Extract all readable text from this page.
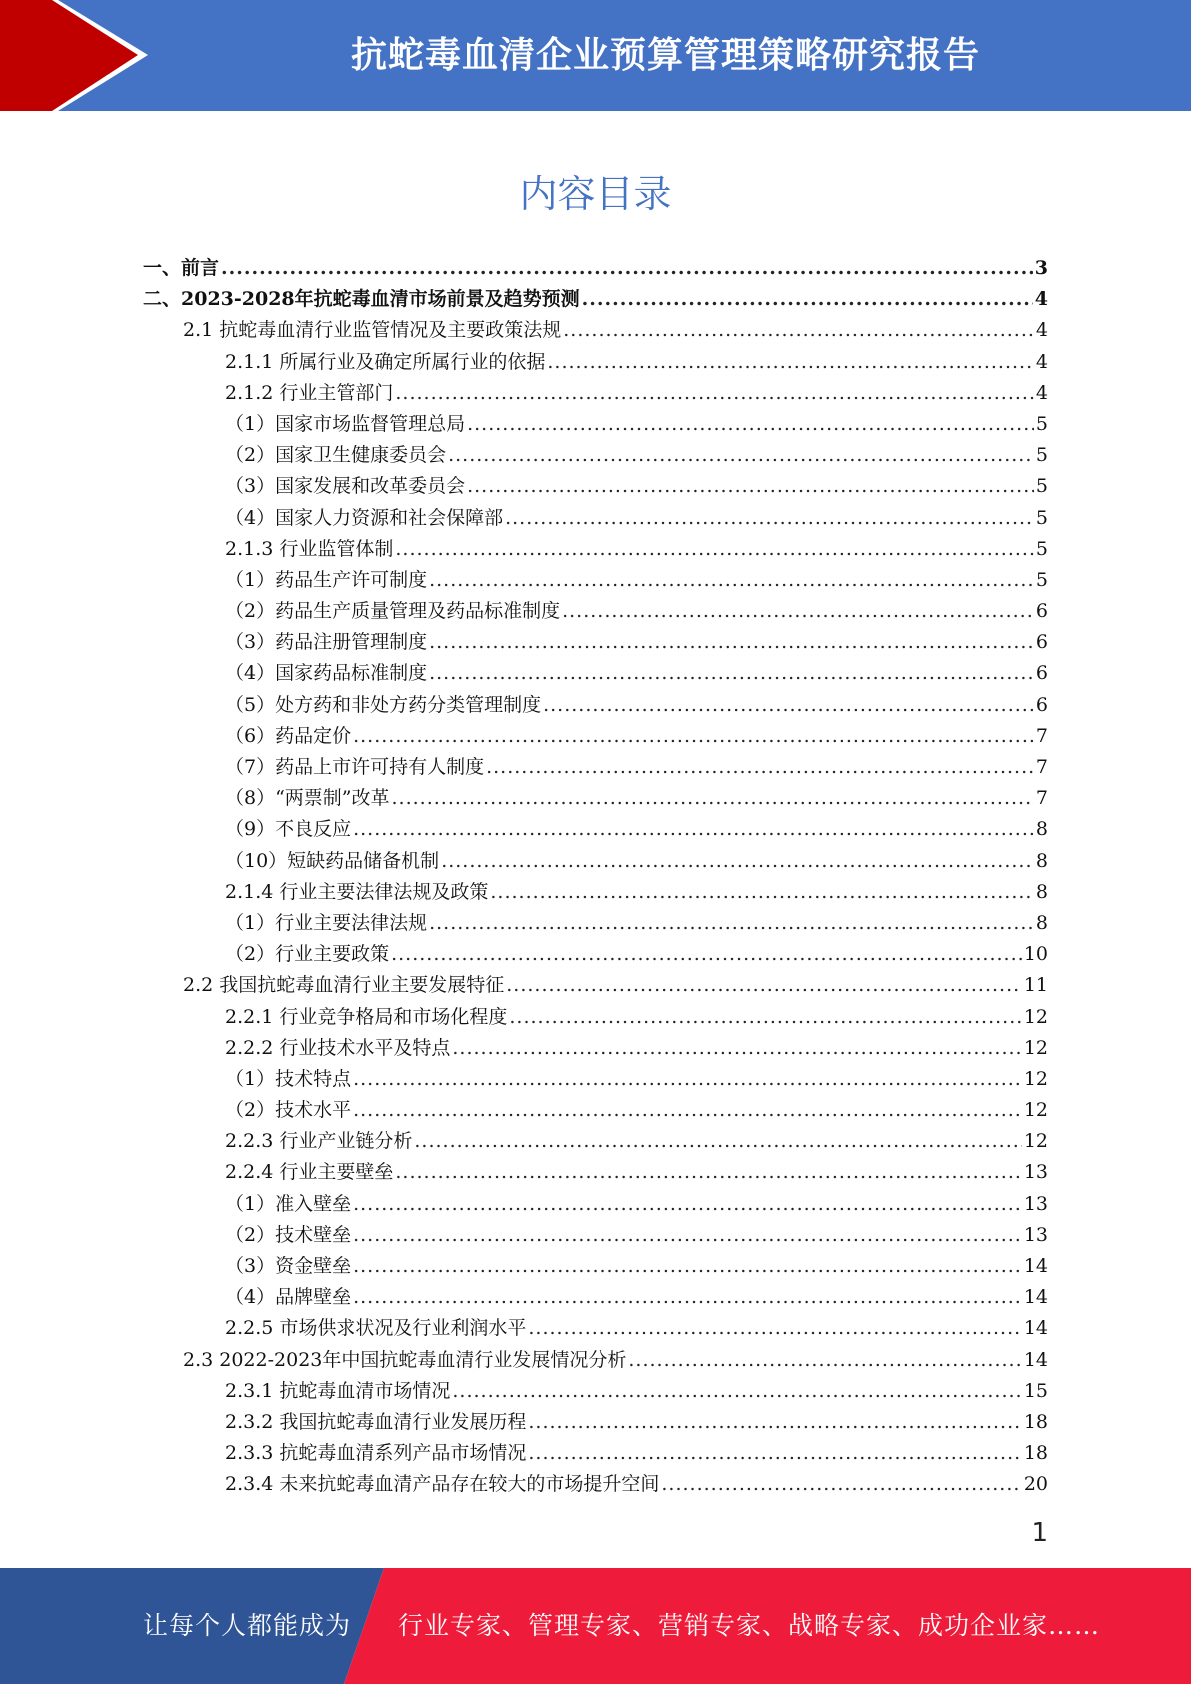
抗蛇毒血清企业预算管理策略研究报告
内容目录
一、前言 .....	3
二、2023-2028年抗蛇毒血清市场前景及趋势预测 .....	4
2.1 抗蛇毒血清行业监管情况及主要政策法规 .....	4
2.1.1 所属行业及确定所属行业的依据 .....	4
2.1.2 行业主管部门 .....	4
（1）国家市场监督管理总局 .....	5
（2）国家卫生健康委员会 .....	5
（3）国家发展和改革委员会 .....	5
（4）国家人力资源和社会保障部 .....	5
2.1.3 行业监管体制 .....	5
（1）药品生产许可制度 .....	5
（2）药品生产质量管理及药品标准制度 .....	6
（3）药品注册管理制度 .....	6
（4）国家药品标准制度 .....	6
（5）处方药和非处方药分类管理制度 .....	6
（6）药品定价 .....	7
（7）药品上市许可持有人制度 .....	7
（8）“两票制”改革 .....	7
（9）不良反应 .....	8
（10）短缺药品储备机制 .....	8
2.1.4 行业主要法律法规及政策 .....	8
（1）行业主要法律法规 .....	8
（2）行业主要政策 .....	10
2.2 我国抗蛇毒血清行业主要发展特征 .....	11
2.2.1 行业竞争格局和市场化程度 .....	12
2.2.2 行业技术水平及特点 .....	12
（1）技术特点 .....	12
（2）技术水平 .....	12
2.2.3 行业产业链分析 .....	12
2.2.4 行业主要壁垒 .....	13
（1）准入壁垒 .....	13
（2）技术壁垒 .....	13
（3）资金壁垒 .....	14
（4）品牌壁垒 .....	14
2.2.5 市场供求状况及行业利润水平 .....	14
2.3 2022-2023年中国抗蛇毒血清行业发展情况分析 .....	14
2.3.1 抗蛇毒血清市场情况 .....	15
2.3.2 我国抗蛇毒血清行业发展历程 .....	18
2.3.3 抗蛇毒血清系列产品市场情况 .....	18
2.3.4 未来抗蛇毒血清产品存在较大的市场提升空间 .....	20
1
让每个人都能成为 行业专家、管理专家、营销专家、战略专家、成功企业家……
